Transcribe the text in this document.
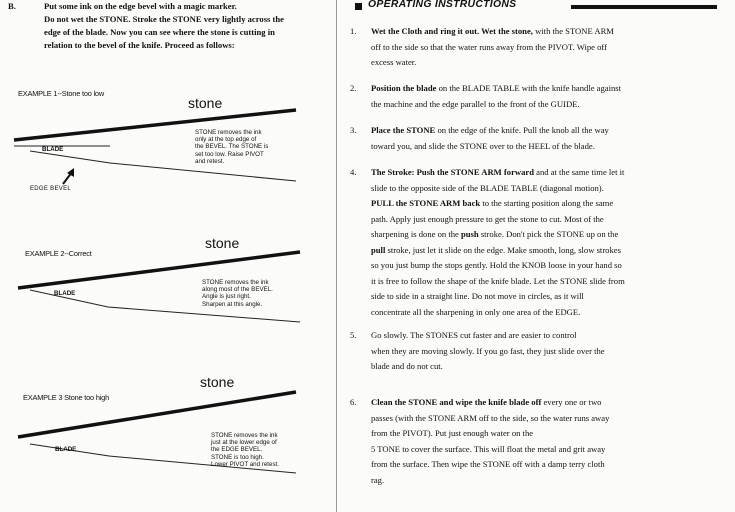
B.	Put some ink on the edge bevel with a magic marker.
Do not wet the STONE. Stroke the STONE very lightly across the
edge of the blade. Now you can see where the stone is cutting in
relation to the bevel of the knife. Proceed as follows:
EXAMPLE 1--Stone too low
stone
BLADE
STONE removes the ink
only at the top edge of
the BEVEL. The STONE is
set too low. Raise PIVOT
and retest.
EDGE BEVEL
EXAMPLE 2--Correct
stone
BLADE
STONE removes the ink
along most of the BEVEL.
Angle is just right.
Sharpen at this angle.
EXAMPLE 3 Stone too high
stone
BLADE
STONE removes the ink
just at the lower edge of
the EDGE BEVEL.
STONE is too high.
Lower PIVOT and retest.
OPERATING INSTRUCTIONS
1. Wet the Cloth and ring it out. Wet the stone, with the STONE ARM
off to the side so that the water runs away from the PIVOT. Wipe off
excess water.
2. Position the blade on the BLADE TABLE with the knife handle against
the machine and the edge parallel to the front of the GUIDE.
3. Place the STONE on the edge of the knife. Pull the knob all the way
toward you, and slide the STONE over to the HEEL of the blade.
4. The Stroke: Push the STONE ARM forward and at the same time let it
slide to the opposite side of the BLADE TABLE (diagonal motion).
PULL the STONE ARM back to the starting position along the same
path. Apply just enough pressure to get the stone to cut. Most of the
sharpening is done on the push stroke. Don't pick the STONE up on the
pull stroke, just let it slide on the edge. Make smooth, long, slow strokes
so you just bump the stops gently. Hold the KNOB loose in your hand so
it is free to follow the shape of the knife blade. Let the STONE slide from
side to side in a straight line. Do not move in circles, as it will
concentrate all the sharpening in only one area of the EDGE.
5. Go slowly. The STONES cut faster and are easier to control
when they are moving slowly. If you go fast, they just slide over the
blade and do not cut.
6. Clean the STONE and wipe the knife blade off every one or two
passes (with the STONE ARM off to the side, so the water runs away
from the PIVOT). Put just enough water on the
5 TONE to cover the surface. This will float the metal and grit away
from the surface. Then wipe the STONE off with a damp terry cloth
rag.
